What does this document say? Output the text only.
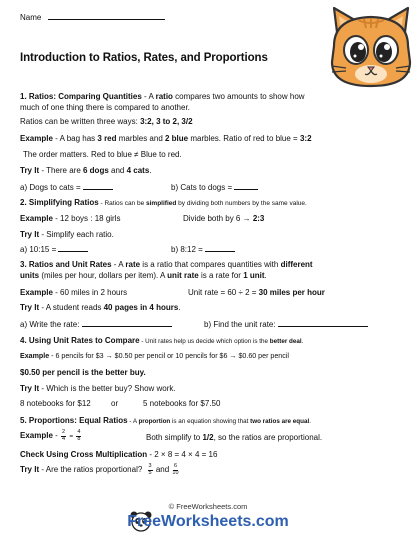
Name
Introduction to Ratios, Rates, and Proportions
1. Ratios: Comparing Quantities - A ratio compares two amounts to show how
much of one thing there is compared to another.
Ratios can be written three ways: 3:2, 3 to 2, 3/2
Example - A bag has 3 red marbles and 2 blue marbles. Ratio of red to blue = 3:2
The order matters. Red to blue ≠ Blue to red.
Try It - There are 6 dogs and 4 cats.
a) Dogs to cats =	b) Cats to dogs =
2. Simplifying Ratios - Ratios can be simplified by dividing both numbers by the same value.
Example - 12 boys : 18 girls	Divide both by 6 → 2:3
Try It - Simplify each ratio.
a) 10:15 =	b) 8:12 =
3. Ratios and Unit Rates - A rate is a ratio that compares quantities with different
units (miles per hour, dollars per item). A unit rate is a rate for 1 unit.
Example - 60 miles in 2 hours	Unit rate = 60 ÷ 2 = 30 miles per hour
Try It - A student reads 40 pages in 4 hours.
a) Write the rate:	b) Find the unit rate:
4. Using Unit Rates to Compare - Unit rates help us decide which option is the better deal.
Example - 6 pencils for $3 → $0.50 per pencil or 10 pencils for $6 → $0.60 per pencil
$0.50 per pencil is the better buy.
Try It - Which is the better buy? Show work.
8 notebooks for $12	or	5 notebooks for $7.50
5. Proportions: Equal Ratios - A proportion is an equation showing that two ratios are equal.
Example - $\frac{2}{4} = \frac{4}{8}$	Both simplify to 1/2, so the ratios are proportional.
Check Using Cross Multiplication - 2 × 8 = 4 × 4 = 16
Try It - Are the ratios proportional? $\frac{3}{5}$ and $\frac{6}{10}$
© FreeWorksheets.com
FreeWorksheets.com
